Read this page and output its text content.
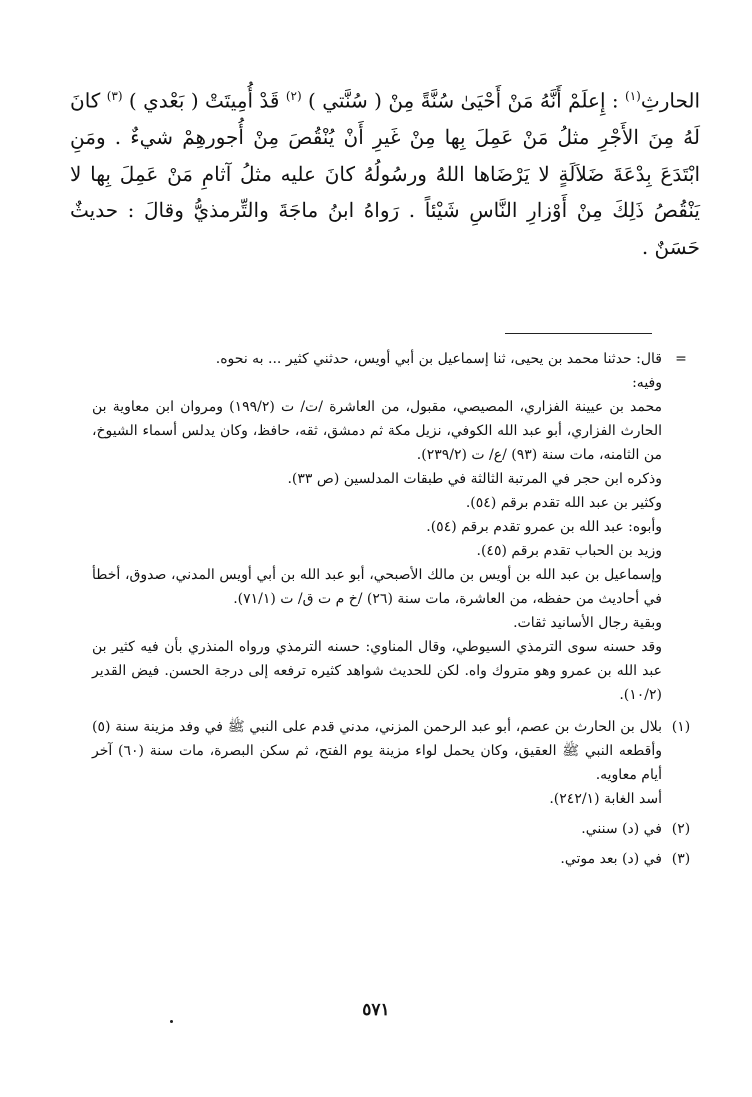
الحارثِ$^{(١)}$ : إِعلَمْ أَنَّهُ مَنْ أَحْيَىٰ سُنَّةً مِنْ ( سُنَّتي ) $^{(٢)}$ قَدْ أُمِيتَتْ ( بَعْدي ) $^{(٣)}$ كانَ لَهُ مِنَ الأَجْرِ مثلُ مَنْ عَمِلَ بِها مِنْ غَيرِ أَنْ يُنْقُصَ مِنْ أُجورهِمْ شيءٌ . ومَنِ ابْتَدَعَ بِدْعَةَ ضَلاَلَةٍ لا يَرْضَاها اللهُ ورسُولُهُ كانَ عليه مثلُ آثامِ مَنْ عَمِلَ بِها لا يَنْقُصُ ذَلِكَ مِنْ أَوْزارِ النَّاسِ شَيْئاً . رَواهُ ابنُ ماجَةَ والتِّرمذيُّ وقالَ : حديثٌ حَسَنٌ .
=

قال: حدثنا محمد بن يحيى، ثنا إسماعيل بن أبي أويس، حدثني كثير ... به نحوه.

وفيه:

محمد بن عيينة الفزاري، المصيصي، مقبول، من العاشرة /ت/ ت (١٩٩/٢) ومروان ابن معاوية بن الحارث الفزاري، أبو عبد الله الكوفي، نزيل مكة ثم دمشق، ثقه، حافظ، وكان يدلس أسماء الشيوخ، من الثامنه، مات سنة (٩٣) /ع/ ت (٢٣٩/٢).

وذكره ابن حجر في المرتبة الثالثة في طبقات المدلسين (ص ٣٣).

وكثير بن عبد الله تقدم برقم (٥٤).

وأبوه: عبد الله بن عمرو تقدم برقم (٥٤).

وزيد بن الحباب تقدم برقم (٤٥).

وإسماعيل بن عبد الله بن أويس بن مالك الأصبحي، أبو عبد الله بن أبي أويس المدني، صدوق، أخطأ في أحاديث من حفظه، من العاشرة، مات سنة (٢٦) /خ م ت ق/ ت (٧١/١).

وبقية رجال الأسانيد ثقات.

وقد حسنه سوى الترمذي السيوطي، وقال المناوي: حسنه الترمذي ورواه المنذري بأن فيه كثير بن عبد الله بن عمرو وهو متروك واه. لكن للحديث شواهد كثيره ترفعه إلى درجة الحسن. فيض القدير (١٠/٢).

(١)

بلال بن الحارث بن عصم، أبو عبد الرحمن المزني، مدني قدم على النبي ﷺ في وفد مزينة سنة (٥) وأقطعه النبي ﷺ العقيق، وكان يحمل لواء مزينة يوم الفتح، ثم سكن البصرة، مات سنة (٦٠) آخر أيام معاويه.

أسد الغابة (٢٤٢/١).

(٢)

في (د) سنني.

(٣)

في (د) بعد موتي.

٥٧١
